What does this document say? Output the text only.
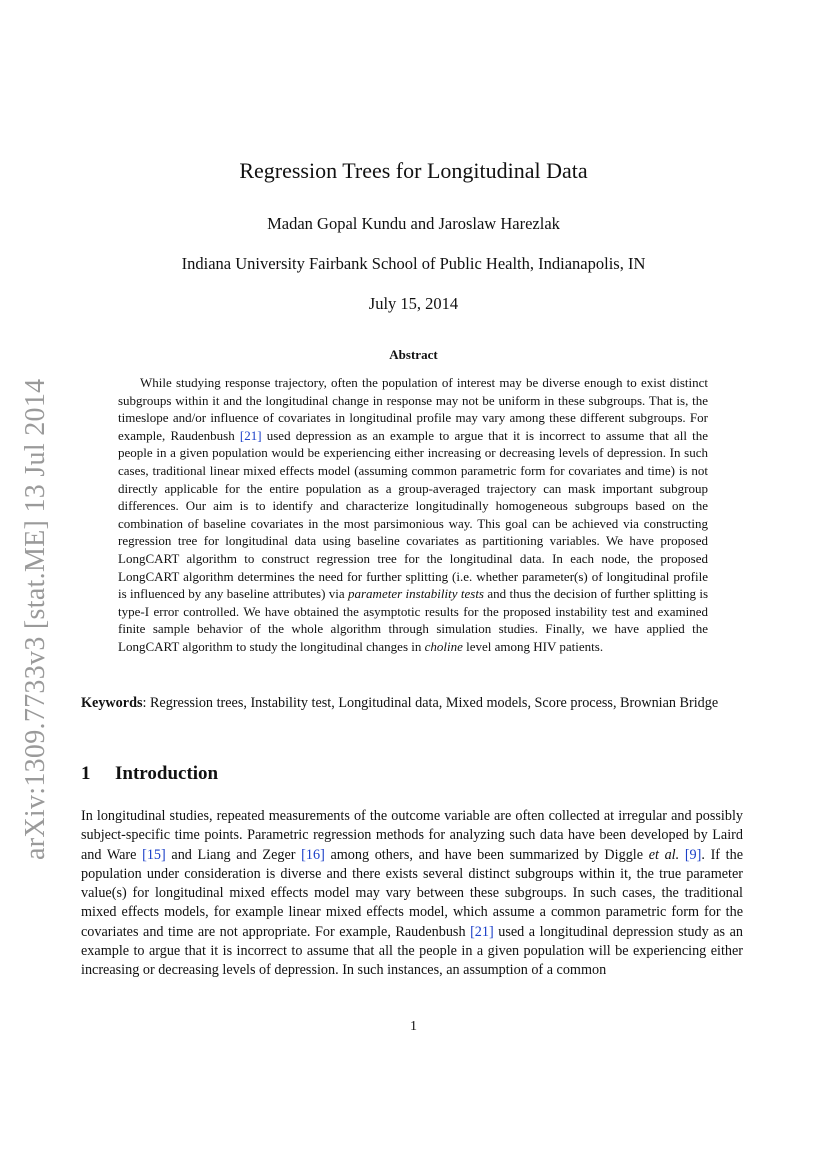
arXiv:1309.7733v3 [stat.ME] 13 Jul 2014
Regression Trees for Longitudinal Data
Madan Gopal Kundu and Jaroslaw Harezlak
Indiana University Fairbank School of Public Health, Indianapolis, IN
July 15, 2014
Abstract

While studying response trajectory, often the population of interest may be diverse enough to exist distinct subgroups within it and the longitudinal change in response may not be uniform in these subgroups. That is, the timeslope and/or influence of covariates in longitudinal profile may vary among these different subgroups. For example, Raudenbush [21] used depression as an example to argue that it is incorrect to assume that all the people in a given population would be experiencing either increasing or decreasing levels of depression. In such cases, traditional linear mixed effects model (assuming common parametric form for covariates and time) is not directly applicable for the entire population as a group-averaged trajectory can mask important subgroup differences. Our aim is to identify and characterize longitudinally homogeneous subgroups based on the combination of baseline covariates in the most parsimonious way. This goal can be achieved via constructing regression tree for longitudinal data using baseline covariates as partitioning variables. We have proposed LongCART algorithm to construct regression tree for the longitudinal data. In each node, the proposed LongCART algorithm determines the need for further splitting (i.e. whether parameter(s) of longitudinal profile is influenced by any baseline attributes) via parameter instability tests and thus the decision of further splitting is type-I error controlled. We have obtained the asymptotic results for the proposed instability test and examined finite sample behavior of the whole algorithm through simulation studies. Finally, we have applied the LongCART algorithm to study the longitudinal changes in choline level among HIV patients.

Keywords: Regression trees, Instability test, Longitudinal data, Mixed models, Score process, Brownian Bridge

1 Introduction

In longitudinal studies, repeated measurements of the outcome variable are often collected at irregular and possibly subject-specific time points. Parametric regression methods for analyzing such data have been developed by Laird and Ware [15] and Liang and Zeger [16] among others, and have been summarized by Diggle et al. [9]. If the population under consideration is diverse and there exists several distinct subgroups within it, the true parameter value(s) for longitudinal mixed effects model may vary between these subgroups. In such cases, the traditional mixed effects models, for example linear mixed effects model, which assume a common parametric form for the covariates and time are not appropriate. For example, Raudenbush [21] used a longitudinal depression study as an example to argue that it is incorrect to assume that all the people in a given population will be experiencing either increasing or decreasing levels of depression. In such instances, an assumption of a common

1
